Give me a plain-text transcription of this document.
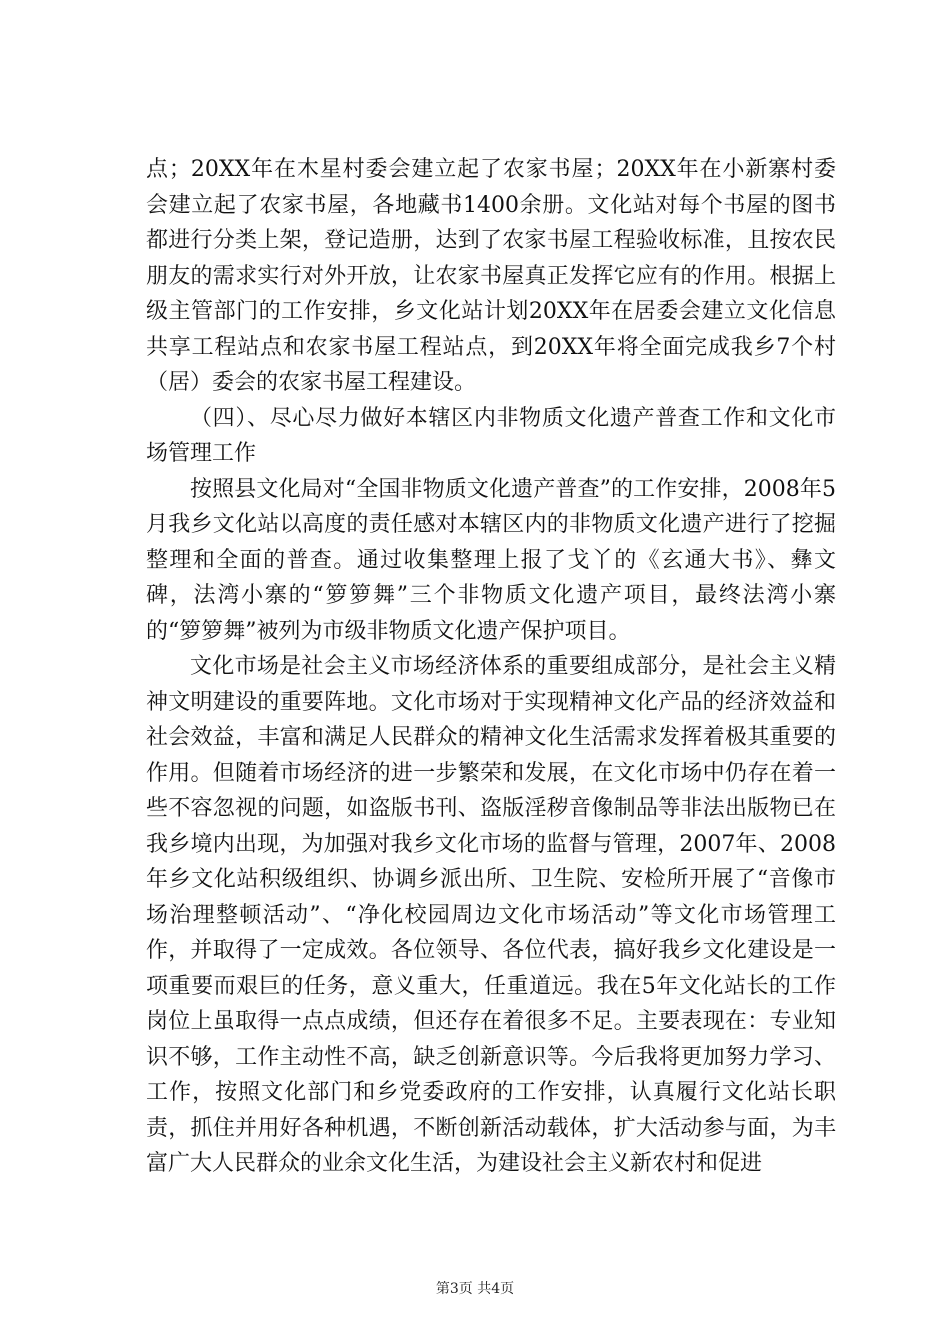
点；20XX年在木星村委会建立起了农家书屋；20XX年在小新寨村委会建立起了农家书屋，各地藏书1400余册。文化站对每个书屋的图书都进行分类上架，登记造册，达到了农家书屋工程验收标准，且按农民朋友的需求实行对外开放，让农家书屋真正发挥它应有的作用。根据上级主管部门的工作安排，乡文化站计划20XX年在居委会建立文化信息共享工程站点和农家书屋工程站点，到20XX年将全面完成我乡7个村（居）委会的农家书屋工程建设。

（四）、尽心尽力做好本辖区内非物质文化遗产普查工作和文化市场管理工作

按照县文化局对“全国非物质文化遗产普查”的工作安排，2008年5月我乡文化站以高度的责任感对本辖区内的非物质文化遗产进行了挖掘整理和全面的普查。通过收集整理上报了戈丫的《玄通大书》、彝文碑，法湾小寨的“箩箩舞”三个非物质文化遗产项目，最终法湾小寨的“箩箩舞”被列为市级非物质文化遗产保护项目。

文化市场是社会主义市场经济体系的重要组成部分，是社会主义精神文明建设的重要阵地。文化市场对于实现精神文化产品的经济效益和社会效益，丰富和满足人民群众的精神文化生活需求发挥着极其重要的作用。但随着市场经济的进一步繁荣和发展，在文化市场中仍存在着一些不容忽视的问题，如盗版书刊、盗版淫秽音像制品等非法出版物已在我乡境内出现，为加强对我乡文化市场的监督与管理，2007年、2008年乡文化站积级组织、协调乡派出所、卫生院、安检所开展了“音像市场治理整顿活动”、“净化校园周边文化市场活动”等文化市场管理工作，并取得了一定成效。各位领导、各位代表，搞好我乡文化建设是一项重要而艰巨的任务，意义重大，任重道远。我在5年文化站长的工作岗位上虽取得一点点成绩，但还存在着很多不足。主要表现在：专业知识不够，工作主动性不高，缺乏创新意识等。今后我将更加努力学习、工作，按照文化部门和乡党委政府的工作安排，认真履行文化站长职责，抓住并用好各种机遇，不断创新活动载体，扩大活动参与面，为丰富广大人民群众的业余文化生活，为建设社会主义新农村和促进

第3页 共4页
